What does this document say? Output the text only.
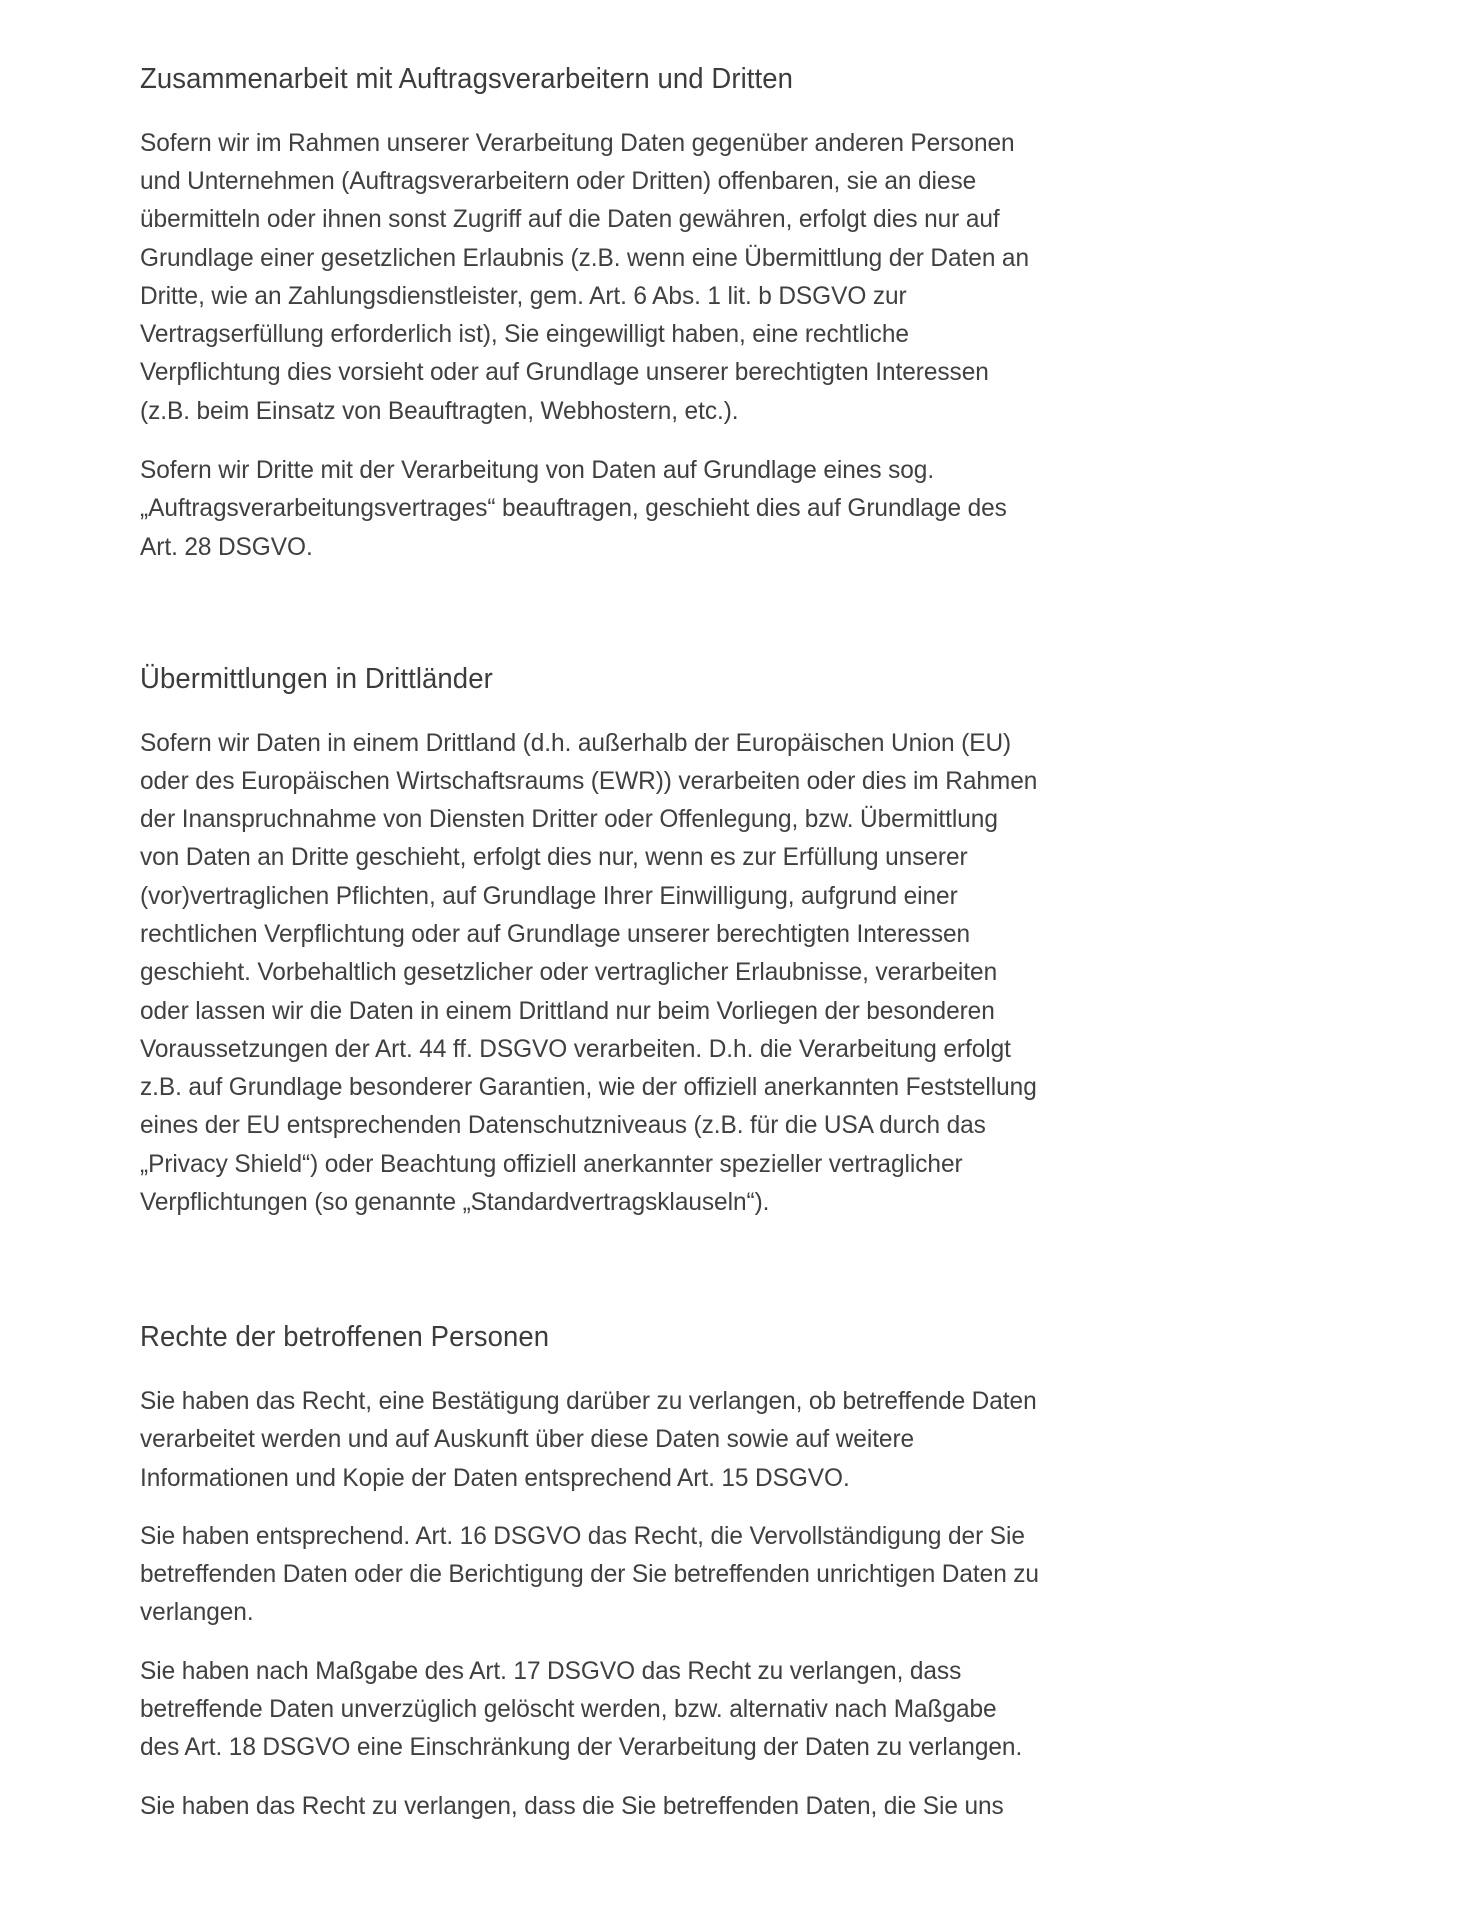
Zusammenarbeit mit Auftragsverarbeitern und Dritten

Sofern wir im Rahmen unserer Verarbeitung Daten gegenüber anderen Personen und Unternehmen (Auftragsverarbeitern oder Dritten) offenbaren, sie an diese übermitteln oder ihnen sonst Zugriff auf die Daten gewähren, erfolgt dies nur auf Grundlage einer gesetzlichen Erlaubnis (z.B. wenn eine Übermittlung der Daten an Dritte, wie an Zahlungsdienstleister, gem. Art. 6 Abs. 1 lit. b DSGVO zur Vertragserfüllung erforderlich ist), Sie eingewilligt haben, eine rechtliche Verpflichtung dies vorsieht oder auf Grundlage unserer berechtigten Interessen (z.B. beim Einsatz von Beauftragten, Webhostern, etc.).

Sofern wir Dritte mit der Verarbeitung von Daten auf Grundlage eines sog. „Auftragsverarbeitungsvertrages“ beauftragen, geschieht dies auf Grundlage des Art. 28 DSGVO.

Übermittlungen in Drittländer

Sofern wir Daten in einem Drittland (d.h. außerhalb der Europäischen Union (EU) oder des Europäischen Wirtschaftsraums (EWR)) verarbeiten oder dies im Rahmen der Inanspruchnahme von Diensten Dritter oder Offenlegung, bzw. Übermittlung von Daten an Dritte geschieht, erfolgt dies nur, wenn es zur Erfüllung unserer (vor)vertraglichen Pflichten, auf Grundlage Ihrer Einwilligung, aufgrund einer rechtlichen Verpflichtung oder auf Grundlage unserer berechtigten Interessen geschieht. Vorbehaltlich gesetzlicher oder vertraglicher Erlaubnisse, verarbeiten oder lassen wir die Daten in einem Drittland nur beim Vorliegen der besonderen Voraussetzungen der Art. 44 ff. DSGVO verarbeiten. D.h. die Verarbeitung erfolgt z.B. auf Grundlage besonderer Garantien, wie der offiziell anerkannten Feststellung eines der EU entsprechenden Datenschutzniveaus (z.B. für die USA durch das „Privacy Shield“) oder Beachtung offiziell anerkannter spezieller vertraglicher Verpflichtungen (so genannte „Standardvertragsklauseln“).

Rechte der betroffenen Personen

Sie haben das Recht, eine Bestätigung darüber zu verlangen, ob betreffende Daten verarbeitet werden und auf Auskunft über diese Daten sowie auf weitere Informationen und Kopie der Daten entsprechend Art. 15 DSGVO.

Sie haben entsprechend. Art. 16 DSGVO das Recht, die Vervollständigung der Sie betreffenden Daten oder die Berichtigung der Sie betreffenden unrichtigen Daten zu verlangen.

Sie haben nach Maßgabe des Art. 17 DSGVO das Recht zu verlangen, dass betreffende Daten unverzüglich gelöscht werden, bzw. alternativ nach Maßgabe des Art. 18 DSGVO eine Einschränkung der Verarbeitung der Daten zu verlangen.

Sie haben das Recht zu verlangen, dass die Sie betreffenden Daten, die Sie uns
